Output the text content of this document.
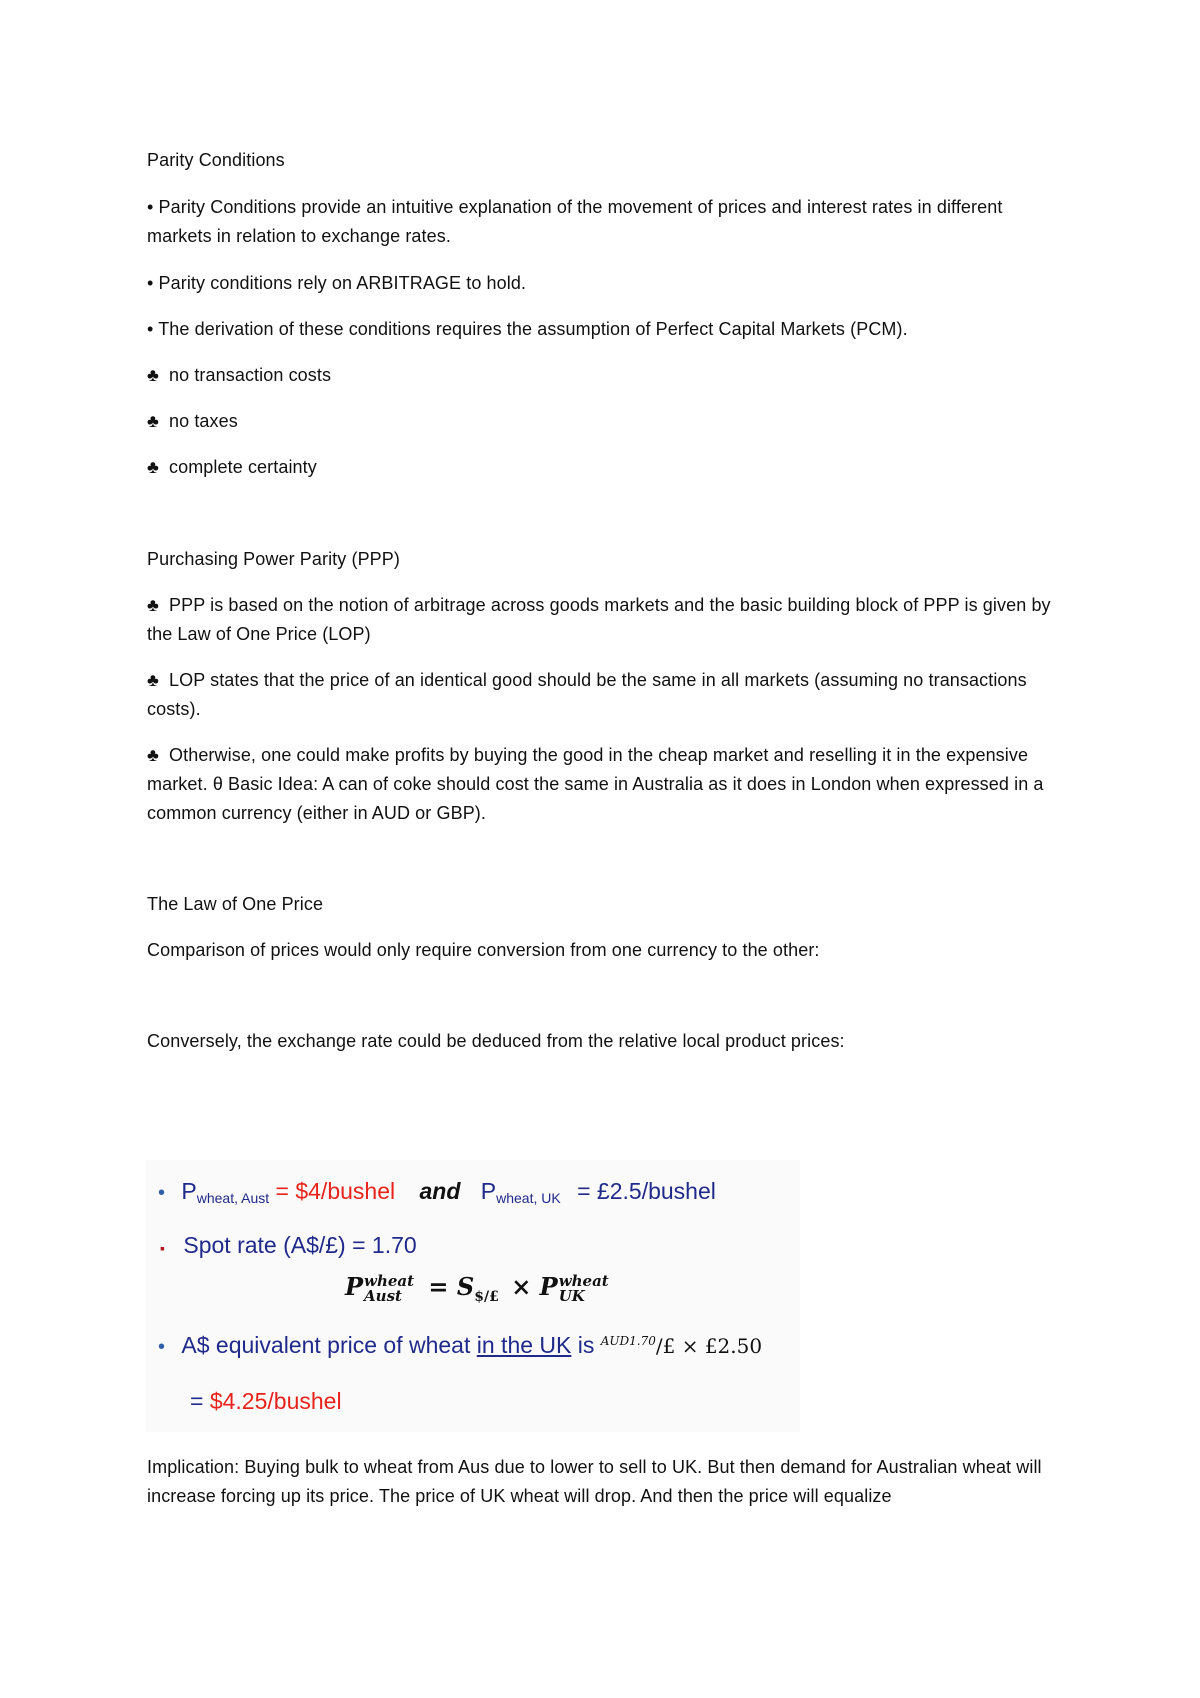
Parity Conditions

• Parity Conditions provide an intuitive explanation of the movement of prices and interest rates in different markets in relation to exchange rates.

• Parity conditions rely on ARBITRAGE to hold.

• The derivation of these conditions requires the assumption of Perfect Capital Markets (PCM).

♣ no transaction costs

♣ no taxes

♣ complete certainty

Purchasing Power Parity (PPP)

♣ PPP is based on the notion of arbitrage across goods markets and the basic building block of PPP is given by the Law of One Price (LOP)

♣ LOP states that the price of an identical good should be the same in all markets (assuming no transactions costs).

♣ Otherwise, one could make profits by buying the good in the cheap market and reselling it in the expensive market. θ Basic Idea: A can of coke should cost the same in Australia as it does in London when expressed in a common currency (either in AUD or GBP).

The Law of One Price

Comparison of prices would only require conversion from one currency to the other:

Conversely, the exchange rate could be deduced from the relative local product prices:

• $P_{wheat, Aust}$ = $4/bushel and $P_{wheat, UK}$ = £2.5/bushel
▪ Spot rate (A$/£) = 1.70
P wheat
Aust	= $S_{\$/£} \times P$ wheat
UK
• A$ equivalent price of wheat in the UK is $^{AUD1.70}$/£ × £2.50
= $4.25/bushel

Implication: Buying bulk to wheat from Aus due to lower to sell to UK. But then demand for Australian wheat will increase forcing up its price. The price of UK wheat will drop. And then the price will equalize
